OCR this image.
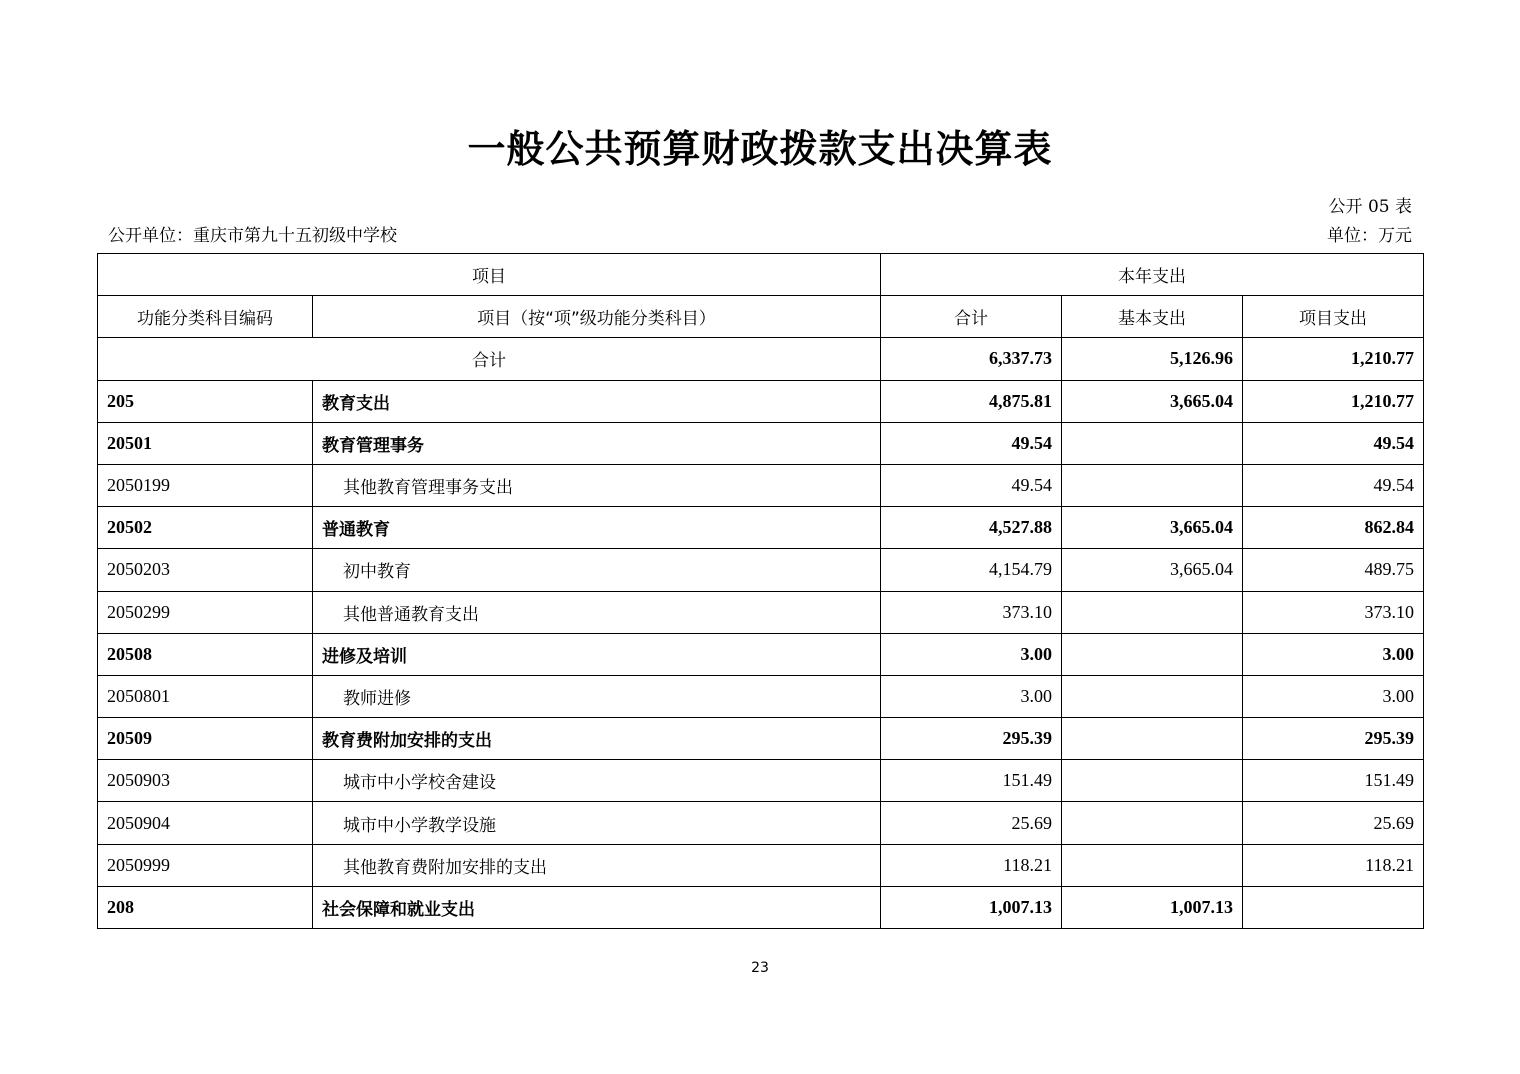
一般公共预算财政拨款支出决算表
公开 05 表
公开单位：重庆市第九十五初级中学校	单位：万元
项目		本年支出		
功能分类科目编码	项目（按“项”级功能分类科目）	合计	基本支出	项目支出
合计		6,337.73	5,126.96	1,210.77
205	教育支出	4,875.81	3,665.04	1,210.77
20501	教育管理事务	49.54		49.54
2050199	其他教育管理事务支出	49.54		49.54
20502	普通教育	4,527.88	3,665.04	862.84
2050203	初中教育	4,154.79	3,665.04	489.75
2050299	其他普通教育支出	373.10		373.10
20508	进修及培训	3.00		3.00
2050801	教师进修	3.00		3.00
20509	教育费附加安排的支出	295.39		295.39
2050903	城市中小学校舍建设	151.49		151.49
2050904	城市中小学教学设施	25.69		25.69
2050999	其他教育费附加安排的支出	118.21		118.21
208	社会保障和就业支出	1,007.13	1,007.13	
23
